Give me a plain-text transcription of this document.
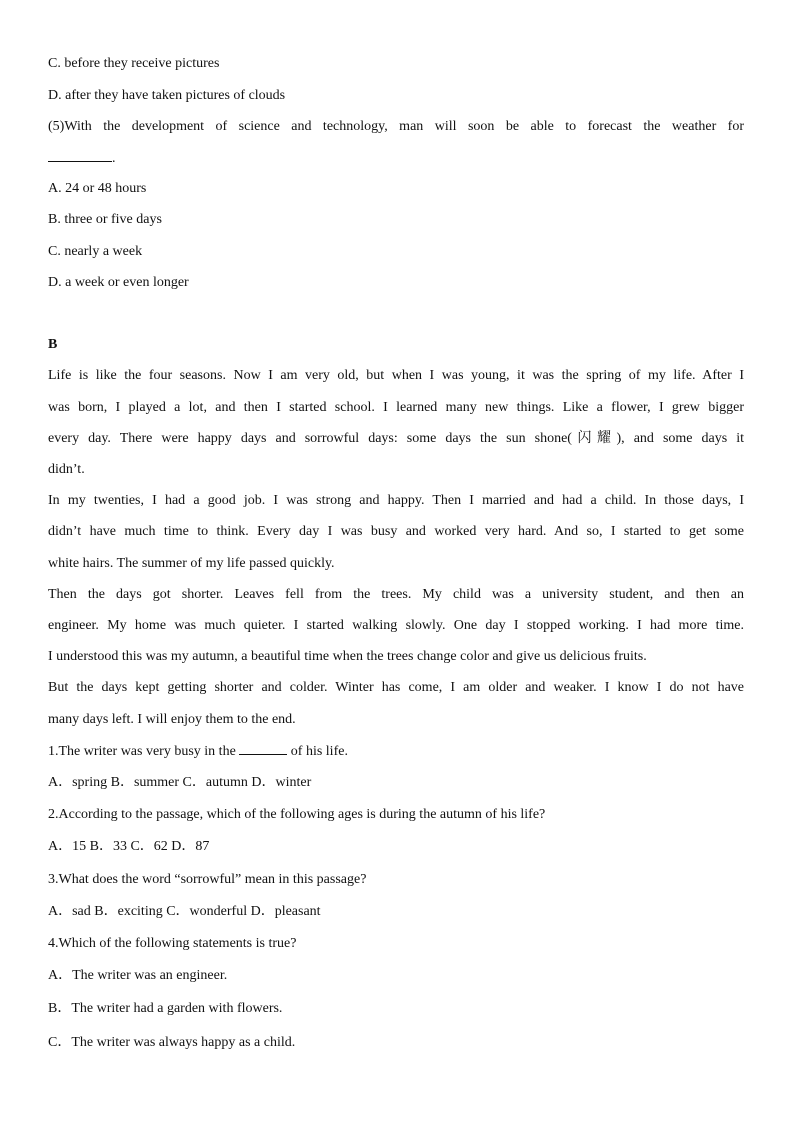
C. before they receive pictures
D. after they have taken pictures of clouds
(5)With the development of science and technology, man will soon be able to forecast the weather for
.
A. 24 or 48 hours
B. three or five days
C. nearly a week
D. a week or even longer
B
Life is like the four seasons. Now I am very old, but when I was young, it was the spring of my life. After I
was born, I played a lot, and then I started school. I learned many new things. Like a flower, I grew bigger
every day. There were happy days and sorrowful days: some days the sun shone(闪耀), and some days it
didn’t.
In my twenties, I had a good job. I was strong and happy. Then I married and had a child. In those days, I
didn’t have much time to think. Every day I was busy and worked very hard. And so, I started to get some
white hairs. The summer of my life passed quickly.
Then the days got shorter. Leaves fell from the trees. My child was a university student, and then an
engineer. My home was much quieter. I started walking slowly. One day I stopped working. I had more time.
I understood this was my autumn, a beautiful time when the trees change color and give us delicious fruits.
But the days kept getting shorter and colder. Winter has come, I am older and weaker. I know I do not have
many days left. I will enjoy them to the end.
1.The writer was very busy in the	of his life.
A．spring B．summer C．autumn D．winter
2.According to the passage, which of the following ages is during the autumn of his life?
A．15 B．33 C．62 D．87
3.What does the word “sorrowful” mean in this passage?
A．sad B．exciting C．wonderful D．pleasant
4.Which of the following statements is true?
A．The writer was an engineer.
B．The writer had a garden with flowers.
C．The writer was always happy as a child.
